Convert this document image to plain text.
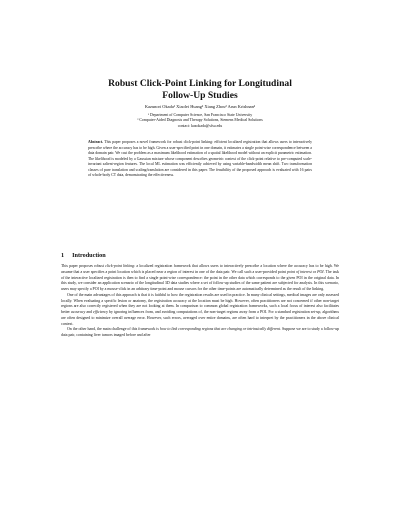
Robust Click-Point Linking for Longitudinal
Follow-Up Studies
Kazunori Okada¹ Xiaolei Huang² Xiang Zhou² Arun Krishnan²
¹ Department of Computer Science, San Francisco State University
² Computer-Aided Diagnosis and Therapy Solutions, Siemens Medical Solutions
contact: kazokada@sfsu.edu
Abstract. This paper proposes a novel framework for robust click-point linking: efficient localized registration that allows users to interactively prescribe where the accuracy has to be high. Given a user-specified point in one domain, it estimates a single point-wise correspondence between a data domain pair. We cast the problem as a maximum likelihood estimation of a spatial likelihood model without an explicit parametric estimation. The likelihood is modeled by a Gaussian mixture whose component describes geometric context of the click-point relative to pre-computed scale-invariant salient-region features. The local ML estimation was efficiently achieved by using variable-bandwidth mean shift. Two transformation classes of pure translation and scaling/translation are considered in this paper. The feasibility of the proposed approach is evaluated with 16 pairs of whole-body CT data, demonstrating the effectiveness.
1 Introduction

This paper proposes robust click-point linking: a localized registration framework that allows users to interactively prescribe a location where the accuracy has to be high. We assume that a user specifies a point location which is placed near a region of interest in one of the data pair. We call such a user-provided point point of interest or POI. The task of the interactive localized registration is then to find a single point-wise correspondence: the point in the other data which corresponds to the given POI in the original data. In this study, we consider an application scenario of the longitudinal 3D data studies where a set of follow-up studies of the same patient are subjected for analysis. In this scenario, users may specify a POI by a mouse-click in an arbitrary time-point and mouse cursors for the other time-points are automatically determined as the result of the linking.

One of the main advantages of this approach is that it is faithful to how the registration results are used in practice. In many clinical settings, medical images are only assessed locally. When evaluating a specific lesion or anatomy, the registration accuracy at the location must be high. However, often practitioners are not concerned if other non-target regions are also correctly registered when they are not looking at them. In comparison to common global registration frameworks, such a local focus of interest also facilitates better accuracy and efficiency by ignoring influences from, and avoiding computations of, the non-target regions away from a POI. For a standard registration set-up, algorithms are often designed to minimize overall average error. However, such errors, averaged over entire domains, are often hard to interpret by the practitioners in the above clinical context.

On the other hand, the main challenge of this framework is how to link corresponding regions that are changing or intrinsically different. Suppose we are to study a follow-up data pair, containing liver tumors imaged before and after
